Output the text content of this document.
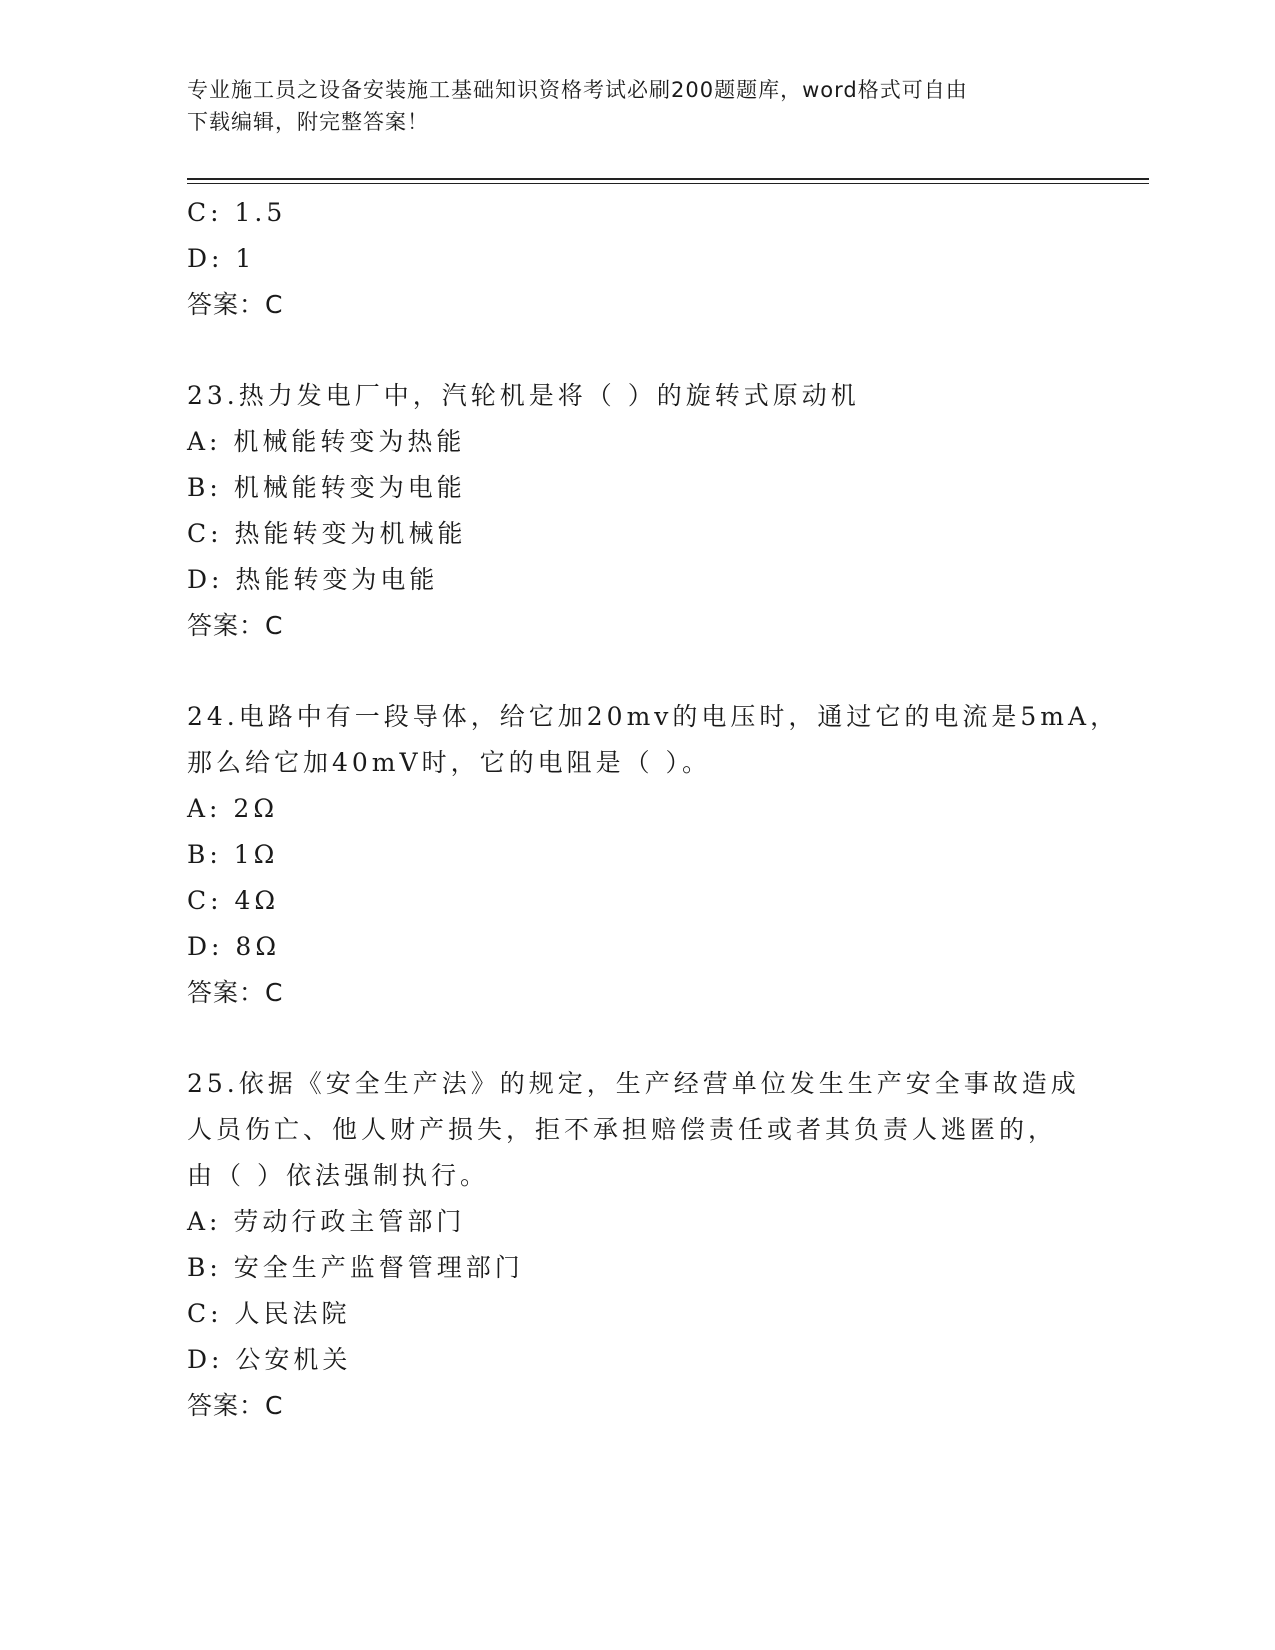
专业施工员之设备安装施工基础知识资格考试必刷200题题库，word格式可自由
下载编辑，附完整答案！
C: 1.5
D: 1
答案：C
23.热力发电厂中，汽轮机是将（ ）的旋转式原动机
A: 机械能转变为热能
B: 机械能转变为电能
C: 热能转变为机械能
D: 热能转变为电能
答案：C
24.电路中有一段导体，给它加20mv的电压时，通过它的电流是5mA，
那么给它加40mV时，它的电阻是（ ）。
A: 2Ω
B: 1Ω
C: 4Ω
D: 8Ω
答案：C
25.依据《安全生产法》的规定，生产经营单位发生生产安全事故造成
人员伤亡、他人财产损失，拒不承担赔偿责任或者其负责人逃匿的，
由（ ）依法强制执行。
A: 劳动行政主管部门
B: 安全生产监督管理部门
C: 人民法院
D: 公安机关
答案：C
